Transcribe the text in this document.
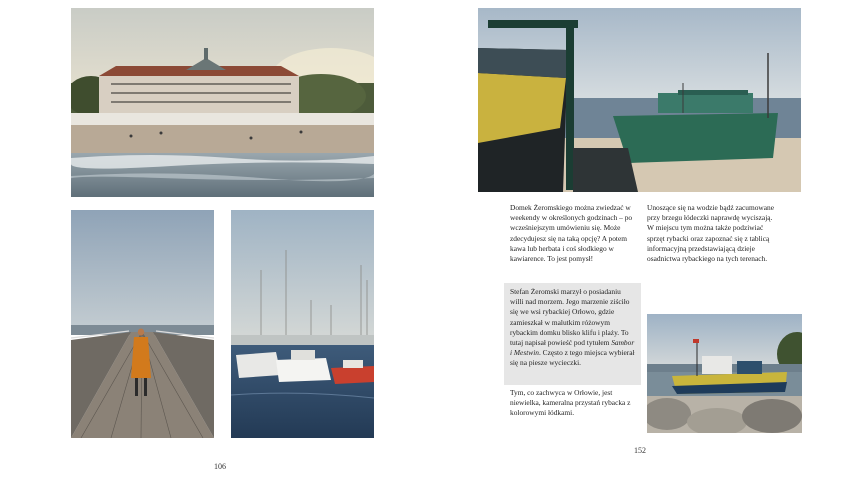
106

Domek Żeromskiego można zwiedzać w weekendy w określonych godzinach – po wcześniejszym umówieniu się. Może zdecydujesz się na taką opcję? A potem kawa lub herbata i coś słodkiego w kawiarence. To jest pomysł!

Stefan Żeromski marzył o posiadaniu willi nad morzem. Jego marzenie ziściło się we wsi rybackiej Orłowo, gdzie zamieszkał w malutkim różowym rybackim domku blisko klifu i plaży. To tutaj napisał powieść pod tytułem Sambor i Mestwin. Często z tego miejsca wybierał się na piesze wycieczki.

Tym, co zachwyca w Orłowie, jest niewielka, kameralna przystań rybacka z kolorowymi łódkami.

Unoszące się na wodzie bądź zacumowane przy brzegu łódeczki naprawdę wyciszają.

W miejscu tym można także podziwiać sprzęt rybacki oraz zapoznać się z tablicą informacyjną przedstawiającą dzieje osadnictwa rybackiego na tych terenach.

152
